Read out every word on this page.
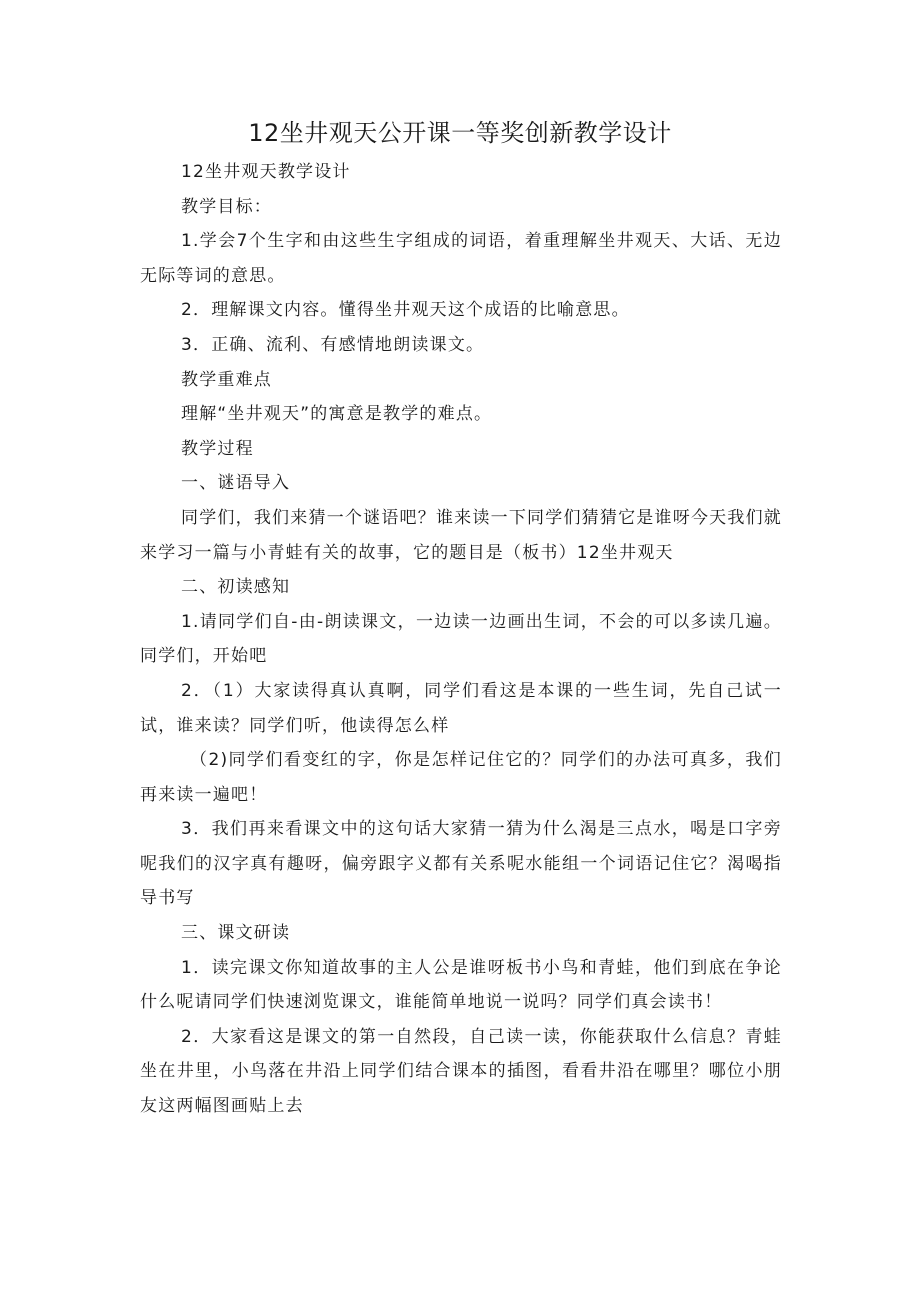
12坐井观天公开课一等奖创新教学设计

12坐井观天教学设计

教学目标：

1.学会7个生字和由这些生字组成的词语，着重理解坐井观天、大话、无边无际等词的意思。

2．理解课文内容。懂得坐井观天这个成语的比喻意思。

3．正确、流利、有感情地朗读课文。

教学重难点

理解“坐井观天”的寓意是教学的难点。

教学过程

一、谜语导入

同学们，我们来猜一个谜语吧？谁来读一下同学们猜猜它是谁呀今天我们就来学习一篇与小青蛙有关的故事，它的题目是（板书）12坐井观天

二、初读感知

1.请同学们自-由-朗读课文，一边读一边画出生词，不会的可以多读几遍。同学们，开始吧

2．（1）大家读得真认真啊，同学们看这是本课的一些生词，先自己试一试，谁来读？同学们听，他读得怎么样

（2)同学们看变红的字，你是怎样记住它的？同学们的办法可真多，我们再来读一遍吧！

3．我们再来看课文中的这句话大家猜一猜为什么渴是三点水，喝是口字旁呢我们的汉字真有趣呀，偏旁跟字义都有关系呢水能组一个词语记住它？渴喝指导书写

三、课文研读

1．读完课文你知道故事的主人公是谁呀板书小鸟和青蛙，他们到底在争论什么呢请同学们快速浏览课文，谁能简单地说一说吗？同学们真会读书！

2．大家看这是课文的第一自然段，自己读一读，你能获取什么信息？青蛙坐在井里，小鸟落在井沿上同学们结合课本的插图，看看井沿在哪里？哪位小朋友这两幅图画贴上去
